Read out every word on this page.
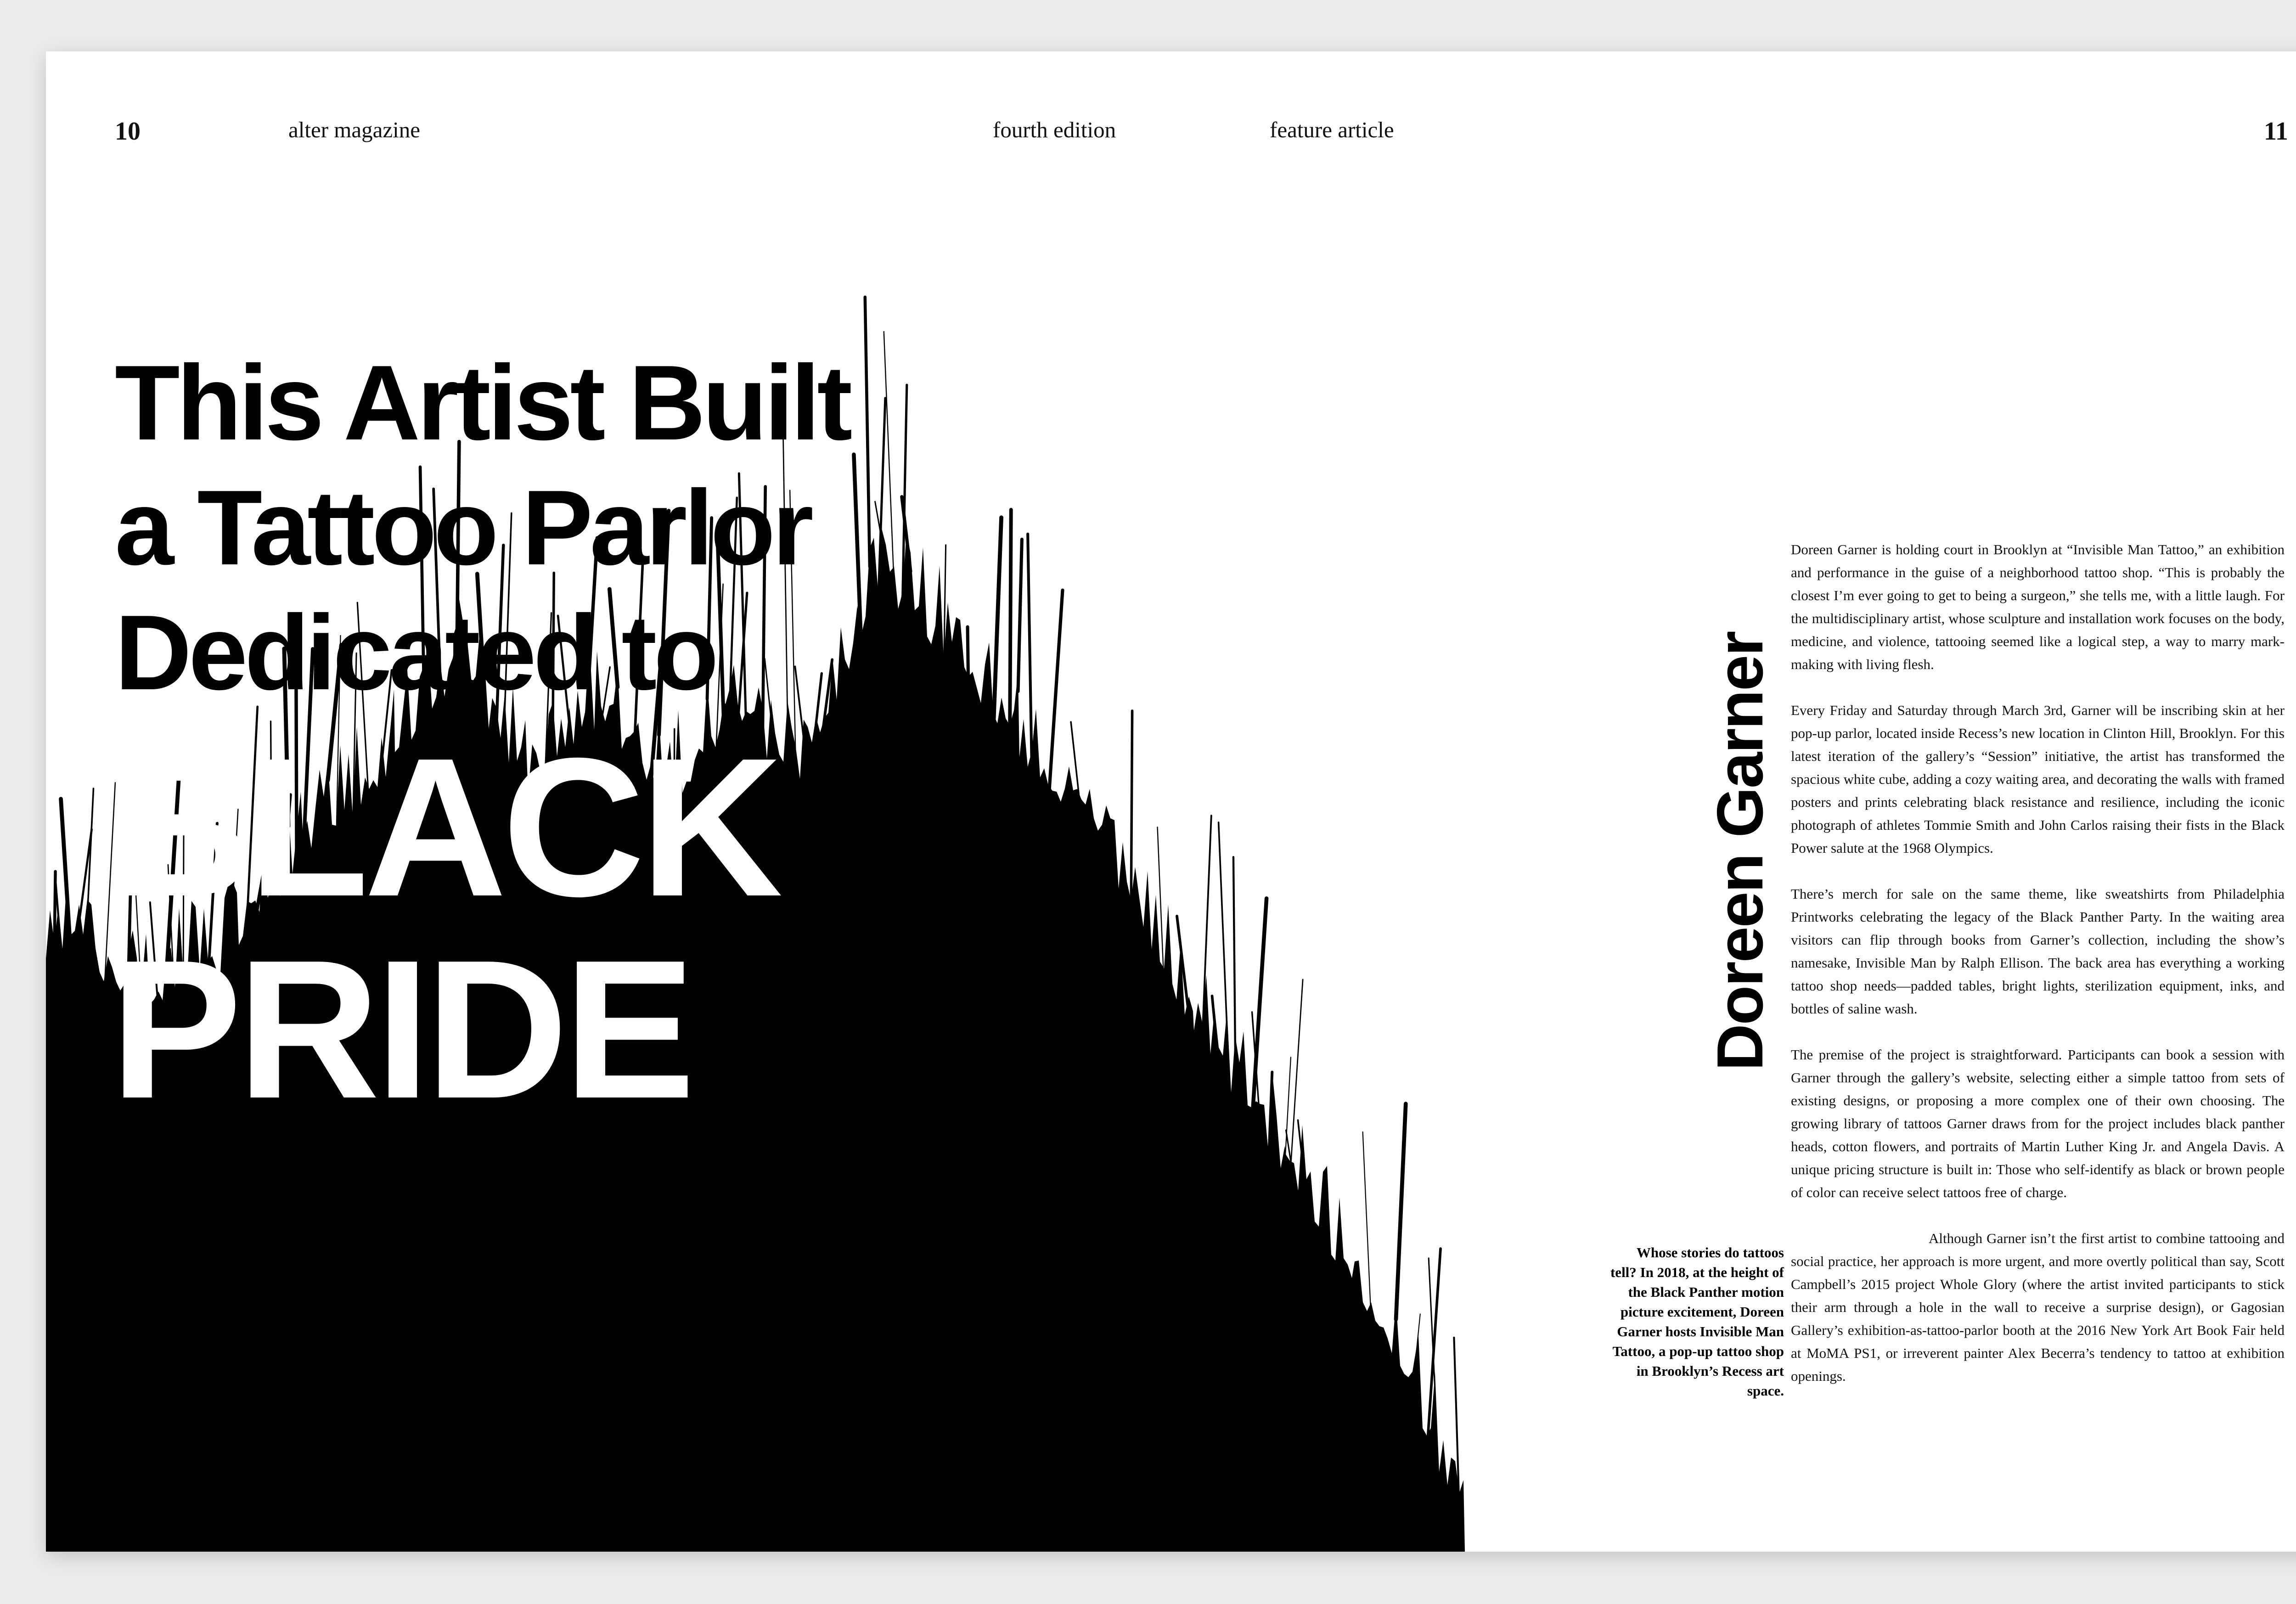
10	alter magazine	fourth edition	feature article	11
This Artist Built
a Tattoo Parlor
Dedicated to
BLACK
PRIDE	Doreen Garner

Doreen Garner is holding court in Brooklyn at “Invisible Man Tattoo,” an exhibition and performance in the guise of a neighborhood tattoo shop. “This is probably the closest I’m ever going to get to being a surgeon,” she tells me, with a little laugh. For the multidisciplinary artist, whose sculpture and installation work focuses on the body, medicine, and violence, tattooing seemed like a logical step, a way to marry mark-making with living flesh.

Every Friday and Saturday through March 3rd, Garner will be inscribing skin at her pop-up parlor, located inside Recess’s new location in Clinton Hill, Brooklyn. For this latest iteration of the gallery’s “Session” initiative, the artist has transformed the spacious white cube, adding a cozy waiting area, and decorating the walls with framed posters and prints celebrating black resistance and resilience, including the iconic photograph of athletes Tommie Smith and John Carlos raising their fists in the Black Power salute at the 1968 Olympics.

There’s merch for sale on the same theme, like sweatshirts from Philadelphia Printworks celebrating the legacy of the Black Panther Party. In the waiting area visitors can flip through books from Garner’s collection, including the show’s namesake, Invisible Man by Ralph Ellison. The back area has everything a working tattoo shop needs—padded tables, bright lights, sterilization equipment, inks, and bottles of saline wash.

The premise of the project is straightforward. Participants can book a session with Garner through the gallery’s website, selecting either a simple tattoo from sets of existing designs, or proposing a more complex one of their own choosing. The growing library of tattoos Garner draws from for the project includes black panther heads, cotton flowers, and portraits of Martin Luther King Jr. and Angela Davis. A unique pricing structure is built in: Those who self-identify as black or brown people of color can receive select tattoos free of charge.

Although Garner isn’t the first artist to combine tattooing and social practice, her approach is more urgent, and more overtly political than say, Scott Campbell’s 2015 project Whole Glory (where the artist invited participants to stick their arm through a hole in the wall to receive a surprise design), or Gagosian Gallery’s exhibition-as-tattoo-parlor booth at the 2016 New York Art Book Fair held at MoMA PS1, or irreverent painter Alex Becerra’s tendency to tattoo at exhibition openings.

Whose stories do tattoos tell? In 2018, at the height of the Black Panther motion picture excitement, Doreen Garner hosts Invisible Man Tattoo, a pop-up tattoo shop in Brooklyn’s Recess art space.
